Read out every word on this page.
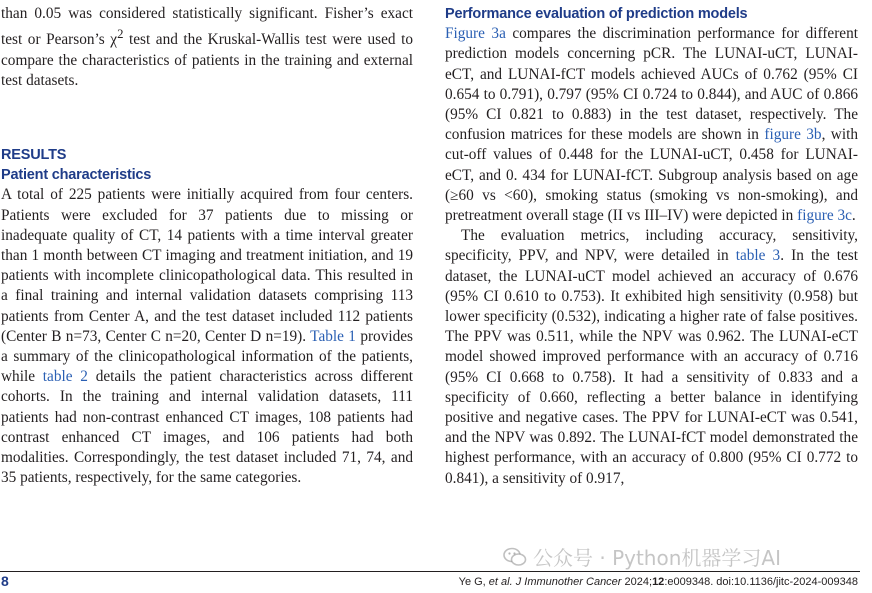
than 0.05 was considered statistically significant. Fisher’s exact test or Pearson’s $\chi^2$ test and the Kruskal-Wallis test were used to compare the characteristics of patients in the training and external test datasets.

RESULTS
Patient characteristics

A total of 225 patients were initially acquired from four centers. Patients were excluded for 37 patients due to missing or inadequate quality of CT, 14 patients with a time interval greater than 1 month between CT imaging and treatment initiation, and 19 patients with incomplete clinicopathological data. This resulted in a final training and internal validation datasets comprising 113 patients from Center A, and the test dataset included 112 patients (Center B n=73, Center C n=20, Center D n=19). Table 1 provides a summary of the clinicopathological information of the patients, while table 2 details the patient characteristics across different cohorts. In the training and internal validation datasets, 111 patients had non-contrast enhanced CT images, 108 patients had contrast enhanced CT images, and 106 patients had both modalities. Correspondingly, the test dataset included 71, 74, and 35 patients, respectively, for the same categories.

Performance evaluation of prediction models

Figure 3a compares the discrimination performance for different prediction models concerning pCR. The LUNAI-uCT, LUNAI-eCT, and LUNAI-fCT models achieved AUCs of 0.762 (95% CI 0.654 to 0.791), 0.797 (95% CI 0.724 to 0.844), and AUC of 0.866 (95% CI 0.821 to 0.883) in the test dataset, respectively. The confusion matrices for these models are shown in figure 3b, with cut-off values of 0.448 for the LUNAI-uCT, 0.458 for LUNAI-eCT, and 0. 434 for LUNAI-fCT. Subgroup analysis based on age (≥60 vs <60), smoking status (smoking vs non-smoking), and pretreatment overall stage (II vs III–IV) were depicted in figure 3c.

The evaluation metrics, including accuracy, sensitivity, specificity, PPV, and NPV, were detailed in table 3. In the test dataset, the LUNAI-uCT model achieved an accuracy of 0.676 (95% CI 0.610 to 0.753). It exhibited high sensitivity (0.958) but lower specificity (0.532), indicating a higher rate of false positives. The PPV was 0.511, while the NPV was 0.962. The LUNAI-eCT model showed improved performance with an accuracy of 0.716 (95% CI 0.668 to 0.758). It had a sensitivity of 0.833 and a specificity of 0.660, reflecting a better balance in identifying positive and negative cases. The PPV for LUNAI-eCT was 0.541, and the NPV was 0.892. The LUNAI-fCT model demonstrated the highest performance, with an accuracy of 0.800 (95% CI 0.772 to 0.841), a sensitivity of 0.917,

公众号 · Python机器学习AI
8	Ye G, et al. J Immunother Cancer 2024;12:e009348. doi:10.1136/jitc-2024-009348
